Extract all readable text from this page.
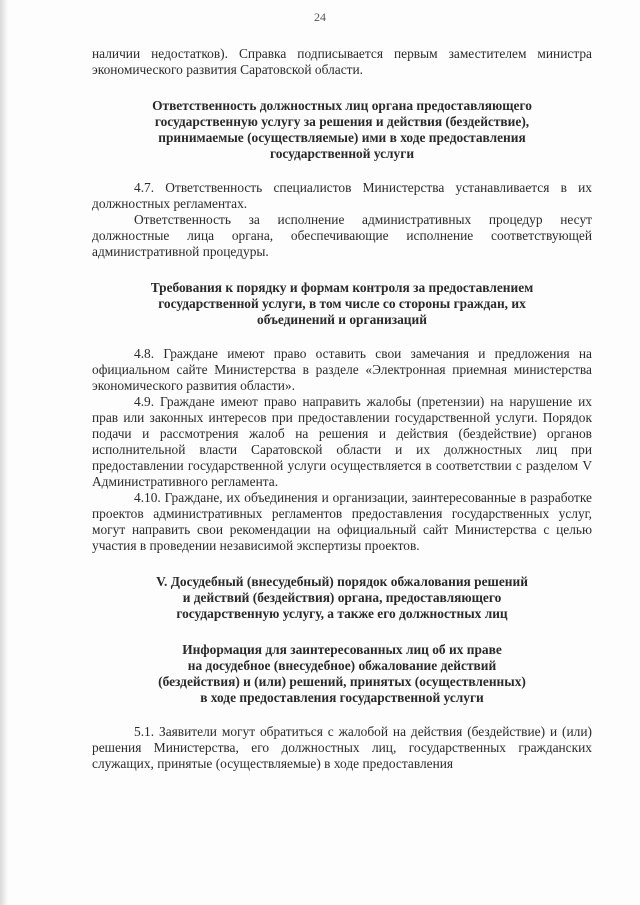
24

наличии недостатков). Справка подписывается первым заместителем министра экономического развития Саратовской области.

Ответственность должностных лиц органа предоставляющего
государственную услугу за решения и действия (бездействие),
принимаемые (осуществляемые) ими в ходе предоставления
государственной услуги

4.7. Ответственность специалистов Министерства устанавливается в их должностных регламентах.

Ответственность за исполнение административных процедур несут должностные лица органа, обеспечивающие исполнение соответствующей административной процедуры.

Требования к порядку и формам контроля за предоставлением
государственной услуги, в том числе со стороны граждан, их
объединений и организаций

4.8. Граждане имеют право оставить свои замечания и предложения на официальном сайте Министерства в разделе «Электронная приемная министерства экономического развития области».

4.9. Граждане имеют право направить жалобы (претензии) на нарушение их прав или законных интересов при предоставлении государственной услуги. Порядок подачи и рассмотрения жалоб на решения и действия (бездействие) органов исполнительной власти Саратовской области и их должностных лиц при предоставлении государственной услуги осуществляется в соответствии с разделом V Административного регламента.

4.10. Граждане, их объединения и организации, заинтересованные в разработке проектов административных регламентов предоставления государственных услуг, могут направить свои рекомендации на официальный сайт Министерства с целью участия в проведении независимой экспертизы проектов.

V. Досудебный (внесудебный) порядок обжалования решений
и действий (бездействия) органа, предоставляющего
государственную услугу, а также его должностных лиц
Информация для заинтересованных лиц об их праве
на досудебное (внесудебное) обжалование действий
(бездействия) и (или) решений, принятых (осуществленных)
в ходе предоставления государственной услуги

5.1. Заявители могут обратиться с жалобой на действия (бездействие) и (или) решения Министерства, его должностных лиц, государственных гражданских служащих, принятые (осуществляемые) в ходе предоставления
